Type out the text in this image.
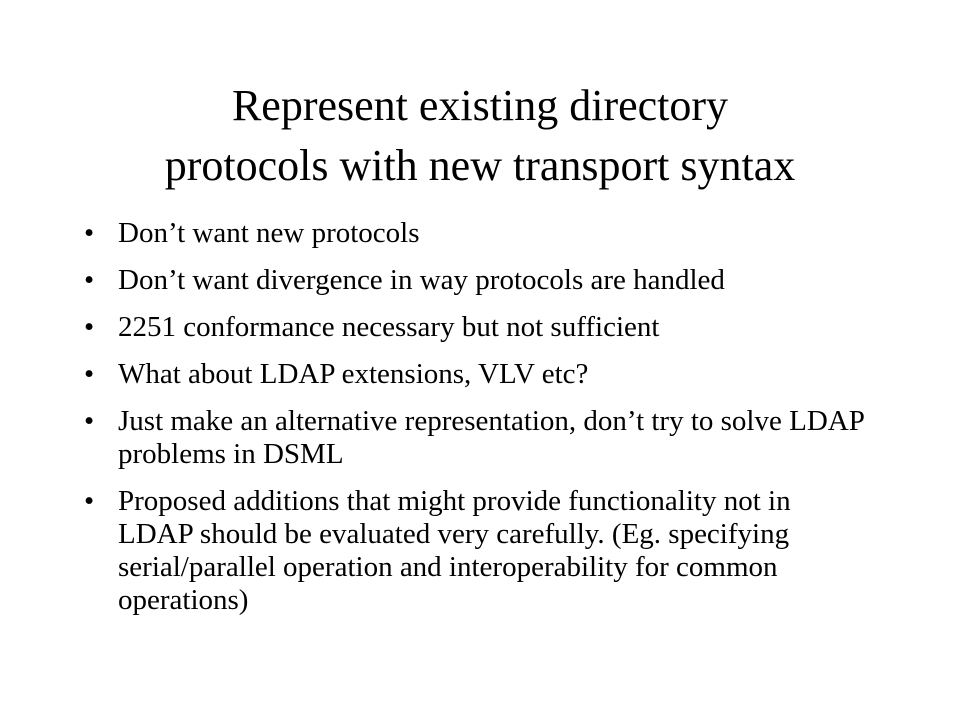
Represent existing directory
protocols with new transport syntax
• Don’t want new protocols
• Don’t want divergence in way protocols are handled
• 2251 conformance necessary but not sufficient
• What about LDAP extensions, VLV etc?
• Just make an alternative representation, don’t try to solve LDAP problems in DSML
• Proposed additions that might provide functionality not in LDAP should be evaluated very carefully. (Eg. specifying serial/parallel operation and interoperability for common operations)
